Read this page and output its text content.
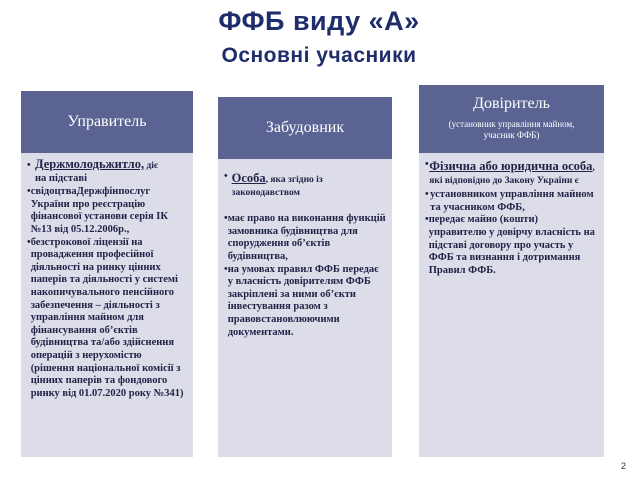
ФФБ виду «А»
Основні учасники
Управитель
• Держмолодьжитло, діє
на підставі
• свідоцтваДержфінпослуг України про реєстрацію фінансової установи серія ІК №13 від 05.12.2006р.,
• безстрокової ліцензії на провадження професійної діяльності на ринку цінних паперів та діяльності у системі накопичувального пенсійного забезпечення – діяльності з управління майном для фінансування об’єктів будівництва та/або здійснення операцій з нерухомістю (рішення національної комісії з цінних паперів та фондового ринку від 01.07.2020 року №341)
Забудовник
• Особа, яка згідно із законодавством
• має право на виконання функцій замовника будівництва для спорудження об’єктів будівництва,
• на умовах правил ФФБ передає у власність довірителям ФФБ закріплені за ними об’єкти інвестування разом з правовстановлюючими документами.
Довіритель
(установник управління майном, учасник ФФБ)
• Фізична або юридична особа, які відповідно до Закону України є
• установником управління майном та учасником ФФБ,
• передає майно (кошти) управителю у довірчу власність на підставі договору про участь у ФФБ та визнання і дотримання Правил ФФБ.
2
